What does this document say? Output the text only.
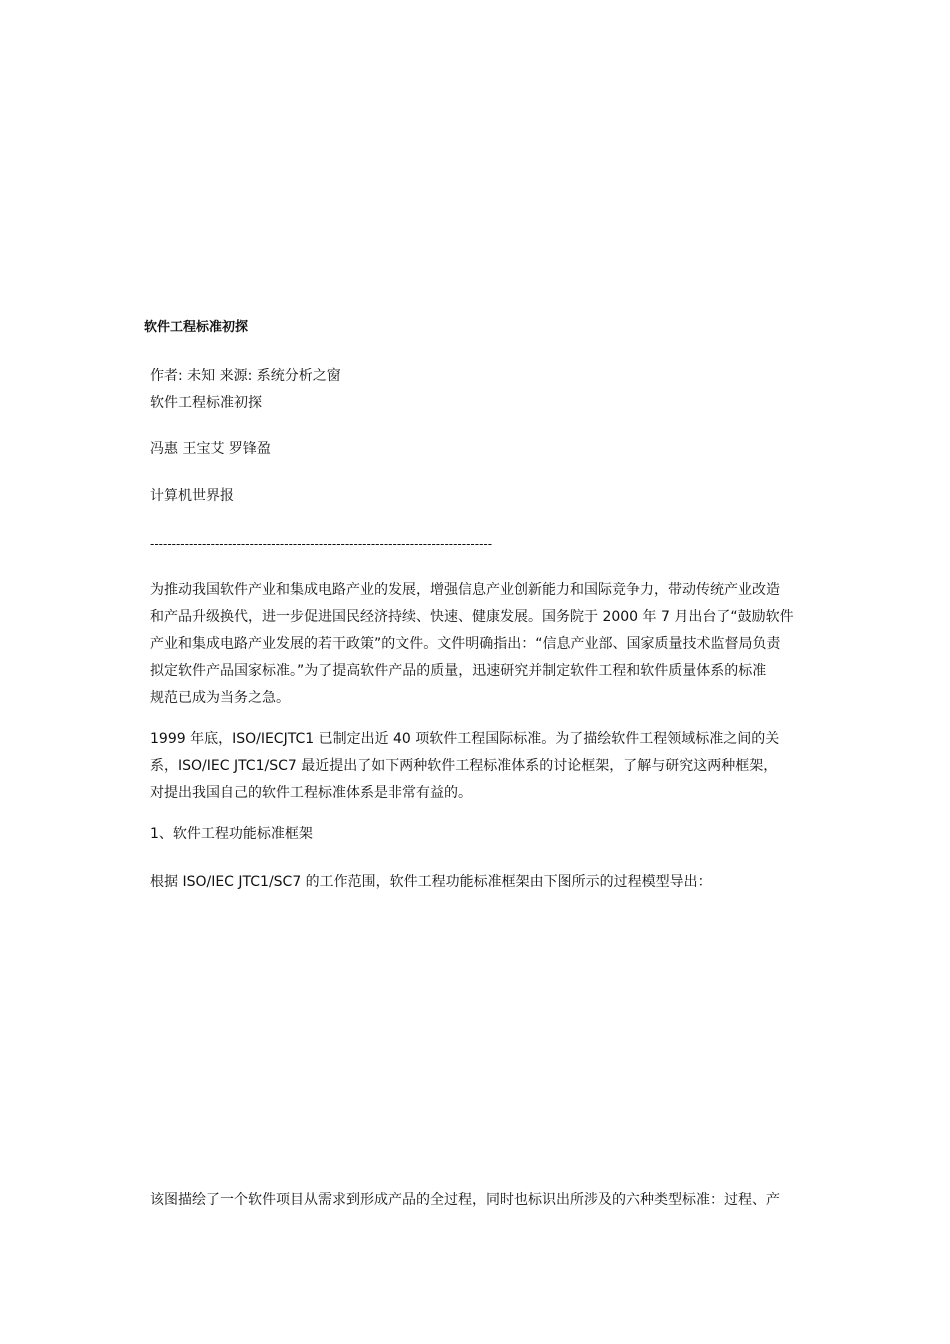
软件工程标准初探
作者: 未知 来源: 系统分析之窗
软件工程标准初探
冯惠 王宝艾 罗锋盈
计算机世界报
-------------------------------------------------------------------------------
为推动我国软件产业和集成电路产业的发展，增强信息产业创新能力和国际竞争力，带动传统产业改造
和产品升级换代，进一步促进国民经济持续、快速、健康发展。国务院于 2000 年 7 月出台了“鼓励软件
产业和集成电路产业发展的若干政策”的文件。文件明确指出：“信息产业部、国家质量技术监督局负责
拟定软件产品国家标准。”为了提高软件产品的质量，迅速研究并制定软件工程和软件质量体系的标准
规范已成为当务之急。
1999 年底，ISO/IECJTC1 已制定出近 40 项软件工程国际标准。为了描绘软件工程领域标准之间的关
系，ISO/IEC JTC1/SC7 最近提出了如下两种软件工程标准体系的讨论框架，了解与研究这两种框架，
对提出我国自己的软件工程标准体系是非常有益的。
1、软件工程功能标准框架
根据 ISO/IEC JTC1/SC7 的工作范围，软件工程功能标准框架由下图所示的过程模型导出：
该图描绘了一个软件项目从需求到形成产品的全过程，同时也标识出所涉及的六种类型标准：过程、产
